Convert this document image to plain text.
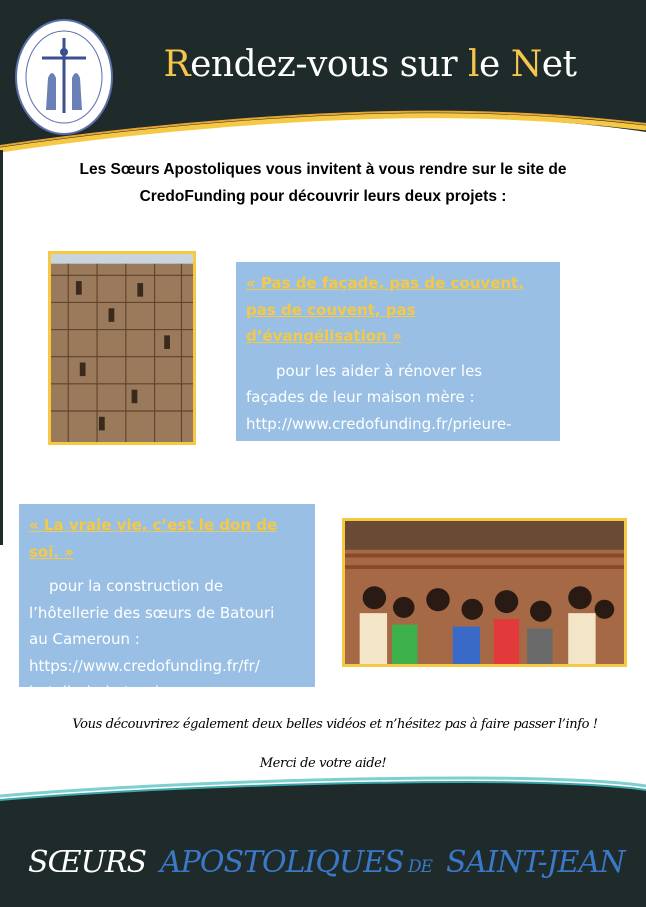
Rendez-vous sur le Net
Les Sœurs Apostoliques vous invitent à vous rendre sur le site de
CredoFunding pour découvrir leurs deux projets :
« Pas de façade, pas de couvent, pas de couvent, pas d’évangélisation »
pour les aider à rénover les
façades de leur maison mère :
http://www.credofunding.fr/prieure-
semur-en-brionnais
« La vraie vie, c’est le don de soi. »
pour la construction de
l’hôtellerie des sœurs de Batouri
au Cameroun :
https://www.credofunding.fr/fr/
hotellerie-batouri
Vous découvrirez également deux belles vidéos et n’hésitez pas à faire passer l’info !
Merci de votre aide!
SŒURS APOSTOLIQUES DE SAINT-JEAN
